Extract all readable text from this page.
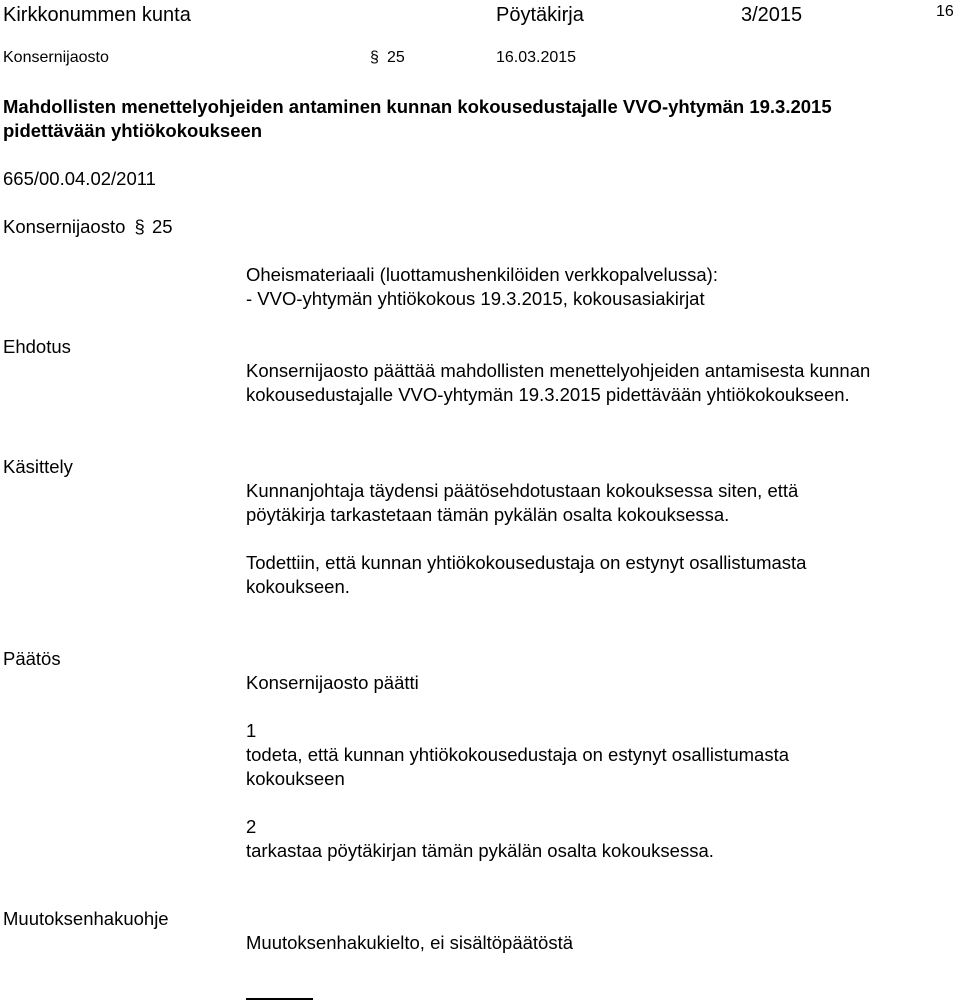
Kirkkonummen kunta	Pöytäkirja	3/2015	16
Konsernijaosto	§ 25	16.03.2015
Mahdollisten menettelyohjeiden antaminen kunnan kokousedustajalle VVO-yhtymän 19.3.2015
pidettävään yhtiökokoukseen
665/00.04.02/2011
Konsernijaosto § 25
Oheismateriaali (luottamushenkilöiden verkkopalvelussa):
- VVO-yhtymän yhtiökokous 19.3.2015, kokousasiakirjat
Ehdotus
Konsernijaosto päättää mahdollisten menettelyohjeiden antamisesta kunnan
kokousedustajalle VVO-yhtymän 19.3.2015 pidettävään yhtiökokoukseen.
Käsittely
Kunnanjohtaja täydensi päätösehdotustaan kokouksessa siten, että
pöytäkirja tarkastetaan tämän pykälän osalta kokouksessa.
Todettiin, että kunnan yhtiökokousedustaja on estynyt osallistumasta
kokoukseen.
Päätös
Konsernijaosto päätti
1
todeta, että kunnan yhtiökokousedustaja on estynyt osallistumasta
kokoukseen
2
tarkastaa pöytäkirjan tämän pykälän osalta kokouksessa.
Muutoksenhakuohje
Muutoksenhakukielto, ei sisältöpäätöstä
